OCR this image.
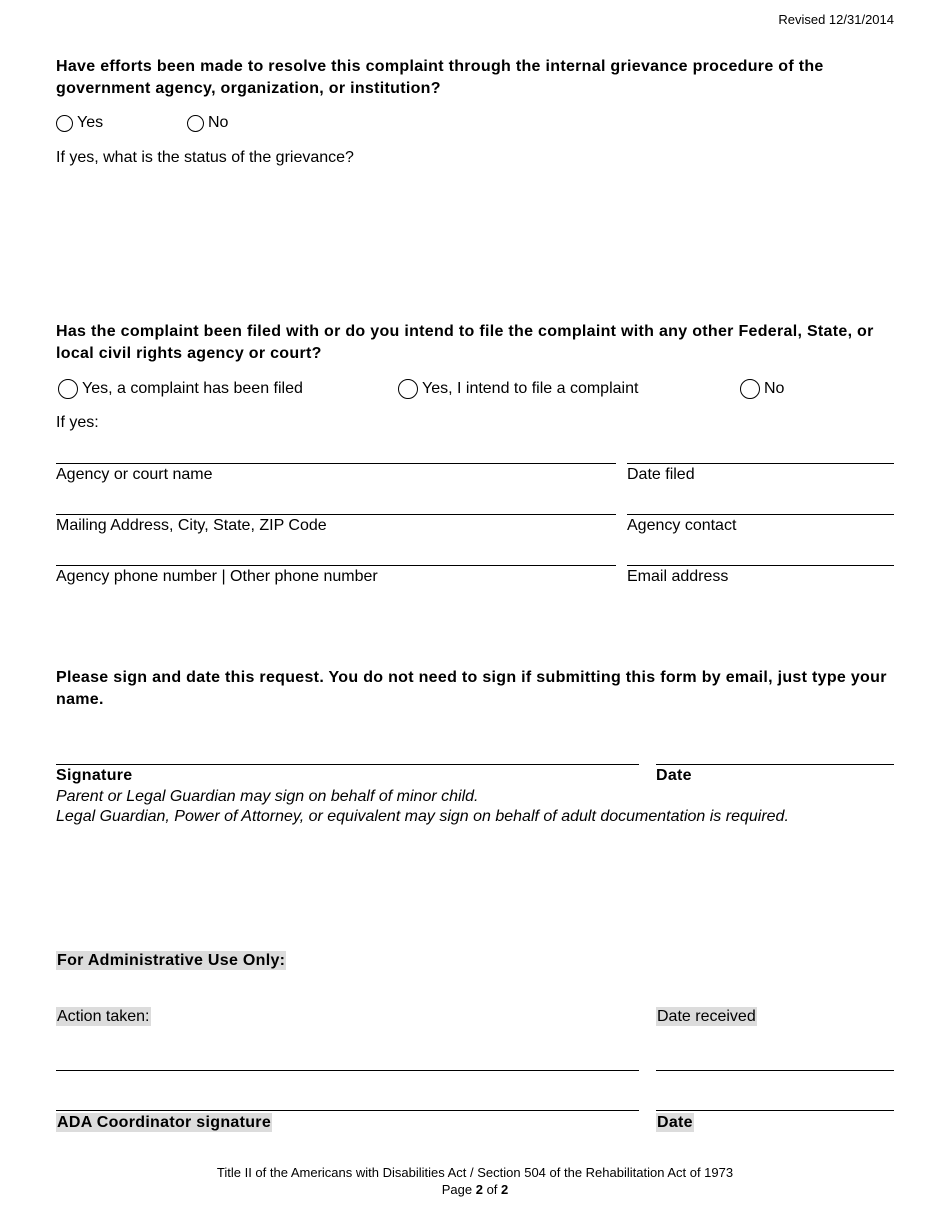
Revised 12/31/2014
Have efforts been made to resolve this complaint through the internal grievance procedure of the government agency, organization, or institution?
Yes	No
If yes, what is the status of the grievance?
Has the complaint been filed with or do you intend to file the complaint with any other Federal, State, or local civil rights agency or court?
Yes, a complaint has been filed	Yes, I intend to file a complaint	No
If yes:
Agency or court name	Date filed
Mailing Address, City, State, ZIP Code	Agency contact
Agency phone number | Other phone number	Email address
Please sign and date this request. You do not need to sign if submitting this form by email, just type your name.
Signature	Date
Parent or Legal Guardian may sign on behalf of minor child.
Legal Guardian, Power of Attorney, or equivalent may sign on behalf of adult documentation is required.
For Administrative Use Only:
Action taken:	Date received
ADA Coordinator signature	Date
Title II of the Americans with Disabilities Act / Section 504 of the Rehabilitation Act of 1973
Page 2 of 2
